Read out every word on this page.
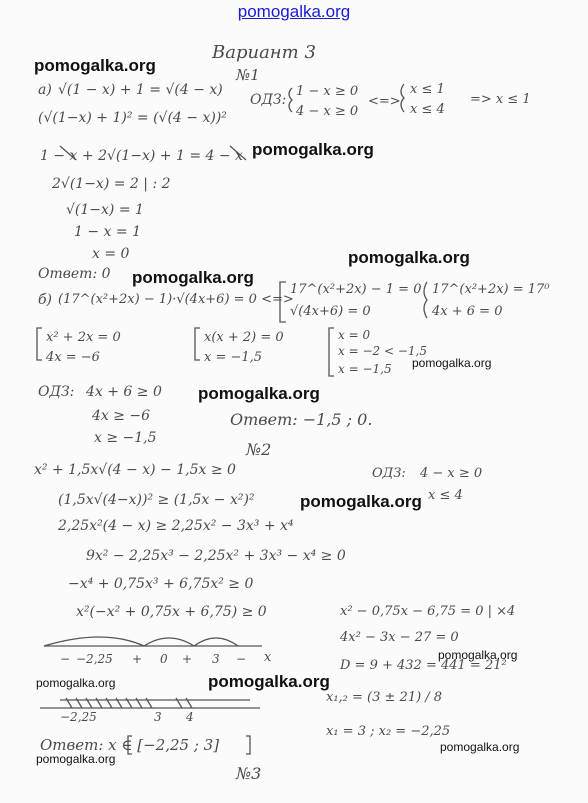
pomogalka.org
Вариант 3
№1
а) √(1 − x) + 1 = √(4 − x)
ОДЗ:
1 − x ≥ 0
4 − x ≥ 0
<=>
x ≤ 1
x ≤ 4
=> x ≤ 1
(√(1−x) + 1)² = (√(4 − x))²
1 − x + 2√(1−x) + 1 = 4 − x
2√(1−x) = 2 | : 2
√(1−x) = 1
1 − x = 1
x = 0
Ответ: 0
б) (17^(x²+2x) − 1)·√(4x+6) = 0 <=>
17^(x²+2x) − 1 = 0
√(4x+6) = 0
17^(x²+2x) = 17⁰
4x + 6 = 0
x² + 2x = 0
4x = −6
x(x + 2) = 0
x = −1,5
x = 0
x = −2 < −1,5
x = −1,5
ОДЗ: 4x + 6 ≥ 0
4x ≥ −6
x ≥ −1,5
Ответ: −1,5 ; 0.
№2
x² + 1,5x√(4 − x) − 1,5x ≥ 0	ОДЗ: 4 − x ≥ 0
x ≤ 4
(1,5x√(4−x))² ≥ (1,5x − x²)²
2,25x²(4 − x) ≥ 2,25x² − 3x³ + x⁴
9x² − 2,25x³ − 2,25x² + 3x³ − x⁴ ≥ 0
−x⁴ + 0,75x³ + 6,75x² ≥ 0
x²(−x² + 0,75x + 6,75) ≥ 0	x² − 0,75x − 6,75 = 0 | ×4
4x² − 3x − 27 = 0
D = 9 + 432 = 441 = 21²
x₁,₂ = (3 ± 21) / 8
x₁ = 3 ; x₂ = −2,25
− −2,25 + 0 + 3 − x
−2,25	3 4
Ответ: x ∈ [−2,25 ; 3]
№3
pomogalka.org
pomogalka.org
pomogalka.org
pomogalka.org
pomogalka.org
pomogalka.org
pomogalka.org
pomogalka.org
pomogalka.org	pomogalka.org
pomogalka.org
pomogalka.org
